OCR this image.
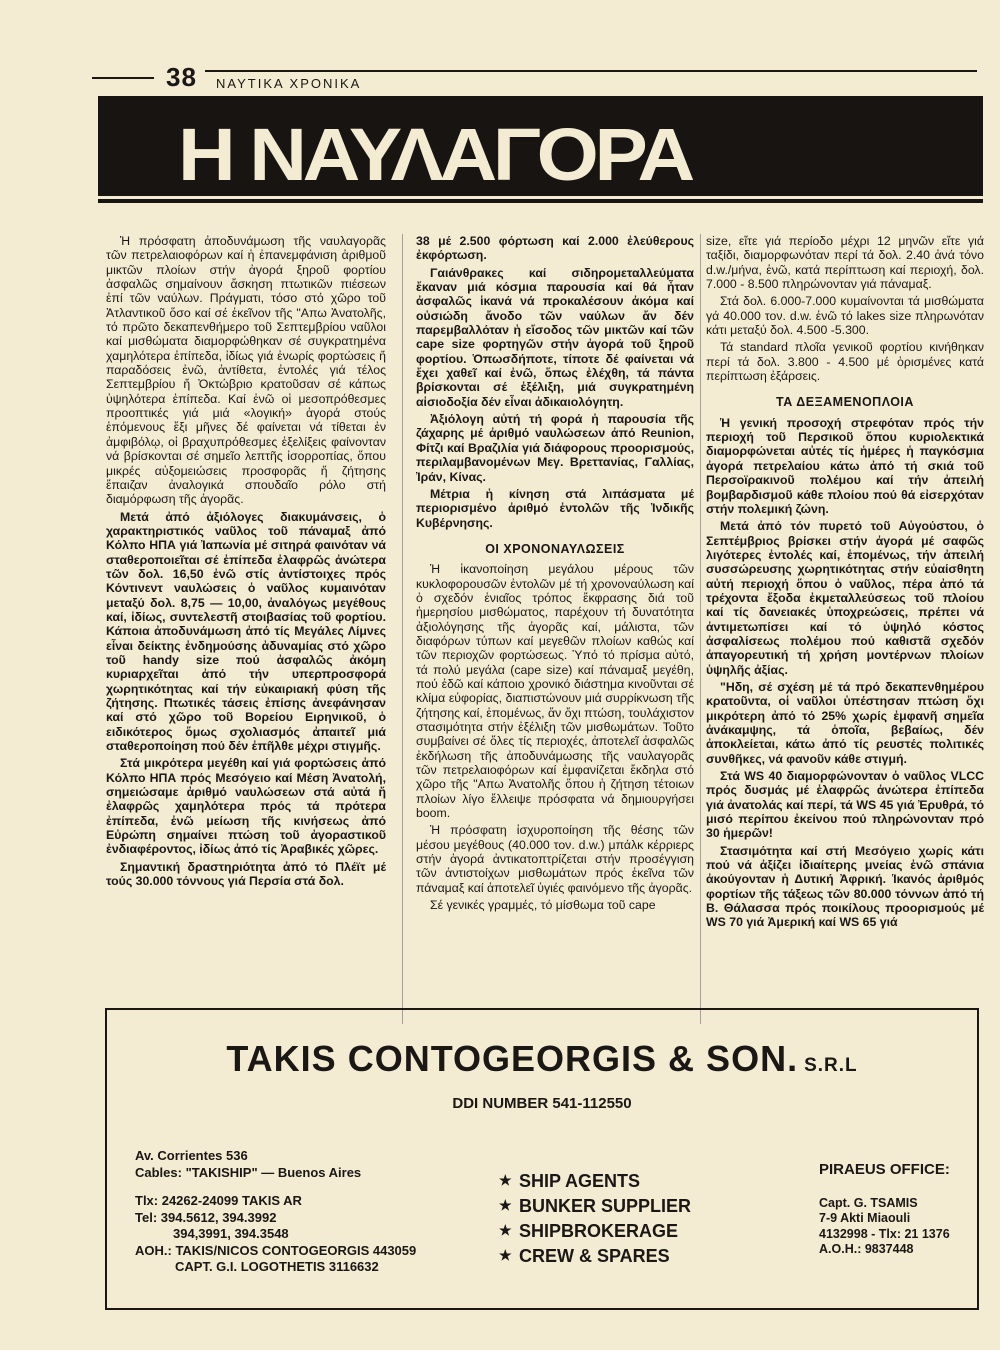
38 ΝΑΥΤΙΚΑ ΧΡΟΝΙΚΑ
Η ΝΑΥΛΑΓΟΡΑ

Ἡ πρόσφατη ἀποδυνάμωση τῆς ναυλαγορᾶς τῶν πετρελαιοφόρων καί ἡ ἐπανεμφάνιση ἀριθμοῦ μικτῶν πλοίων στήν ἀγορά ξηροῦ φορτίου ἀσφαλῶς σημαίνουν ἄσκηση πτωτικῶν πιέσεων ἐπί τῶν ναύλων. Πράγματι, τόσο στό χῶρο τοῦ Ἀτλαντικοῦ ὅσο καί σέ ἐκεῖνον τῆς "Απω Ἀνατολῆς, τό πρῶτο δεκαπενθήμερο τοῦ Σεπτεμβρίου ναῦλοι καί μισθώματα διαμορφώθηκαν σέ συγκρατημένα χαμηλότερα ἐπίπεδα, ἰδίως γιά ἐνωρίς φορτώσεις ἤ παραδόσεις ἐνῶ, ἀντίθετα, ἐντολές γιά τέλος Σεπτεμβρίου ἤ Ὀκτώβριο κρατοῦσαν σέ κάπως ὑψηλότερα ἐπίπεδα. Καί ἐνῶ οἱ μεσοπρόθεσμες προοπτικές γιά μιά «λογική» ἀγορά στούς ἑπόμενους ἕξι μῆνες δέ φαίνεται νά τίθεται ἐν ἀμφιβόλῳ, οἱ βραχυπρόθεσμες ἐξελίξεις φαίνονταν νά βρίσκονται σέ σημεῖο λεπτῆς ἰσορροπίας, ὅπου μικρές αὐξομειώσεις προσφορᾶς ἤ ζήτησης ἔπαιζαν ἀναλογικά σπουδαῖο ρόλο στή διαμόρφωση τῆς ἀγορᾶς.

Μετά ἀπό ἀξιόλογες διακυμάνσεις, ὁ χαρακτηριστικός ναῦλος τοῦ πάναμαξ ἀπό Κόλπο ΗΠΑ γιά Ἰαπωνία μέ σιτηρά φαινόταν νά σταθεροποιεῖται σέ ἐπίπεδα ἐλαφρῶς ἀνώτερα τῶν δολ. 16,50 ἐνῶ στίς ἀντίστοιχες πρός Κόντινεντ ναυλώσεις ὁ ναῦλος κυμαινόταν μεταξύ δολ. 8,75 — 10,00, ἀναλόγως μεγέθους καί, ἰδίως, συντελεστῆ στοιβασίας τοῦ φορτίου. Κάποια ἀποδυνάμωση ἀπό τίς Μεγάλες Λίμνες εἶναι δείκτης ἐνδημούσης ἀδυναμίας στό χῶρο τοῦ handy size πού ἀσφαλῶς ἀκόμη κυριαρχεῖται ἀπό τήν υπερπροσφορά χωρητικότητας καί τήν εὐκαιριακή φύση τῆς ζήτησης. Πτωτικές τάσεις ἐπίσης ἀνεφάνησαν καί στό χῶρο τοῦ Βορείου Ειρηνικοῦ, ὁ ειδικότερος ὅμως σχολιασμός ἀπαιτεῖ μιά σταθεροποίηση πού δέν ἐπῆλθε μέχρι στιγμῆς.

Στά μικρότερα μεγέθη καί γιά φορτώσεις ἀπό Κόλπο ΗΠΑ πρός Μεσόγειο καί Μέση Ἀνατολή, σημειώσαμε ἀριθμό ναυλώσεων στά αὐτά ἤ ἐλαφρῶς χαμηλότερα πρός τά πρότερα ἐπίπεδα, ἐνῶ μείωση τῆς κινήσεως ἀπό Εὐρώπη σημαίνει πτώση τοῦ ἀγοραστικοῦ ἐνδιαφέροντος, ἰδίως ἀπό τίς Ἀραβικές χῶρες.

Σημαντική δραστηριότητα ἀπό τό Πλέϊτ μέ τούς 30.000 τόννους γιά Περσία στά δολ.

38 μέ 2.500 φόρτωση καί 2.000 ἐλεύθερους ἐκφόρτωση.

Γαιάνθρακες καί σιδηρομεταλλεύματα ἔκαναν μιά κόσμια παρουσία καί θά ἦταν ἀσφαλῶς ἱκανά νά προκαλέσουν ἀκόμα καί οὐσιώδη ἄνοδο τῶν ναύλων ἄν δέν παρεμβαλλόταν ἡ εἴσοδος τῶν μικτῶν καί τῶν cape size φορτηγῶν στήν ἀγορά τοῦ ξηροῦ φορτίου. Ὁπωσδήποτε, τίποτε δέ φαίνεται νά ἔχει χαθεῖ καί ἐνῶ, ὅπως ἐλέχθη, τά πάντα βρίσκονται σέ ἐξέλιξη, μιά συγκρατημένη αἰσιοδοξία δέν εἶναι ἀδικαιολόγητη.

Ἀξιόλογη αὐτή τή φορά ἡ παρουσία τῆς ζάχαρης μέ ἀριθμό ναυλώσεων ἀπό Reunion, Φίτζι καί Βραζιλία γιά διάφορους προορισμούς, περιλαμβανομένων Μεγ. Βρεττανίας, Γαλλίας, Ἰράν, Κίνας.

Μέτρια ἡ κίνηση στά λιπάσματα μέ περιορισμένο ἀριθμό ἐντολῶν τῆς Ἰνδικῆς Κυβέρνησης.

ΟΙ ΧΡΟΝΟΝΑΥΛΩΣΕΙΣ

Ἡ ἱκανοποίηση μεγάλου μέρους τῶν κυκλοφορουσῶν ἐντολῶν μέ τή χρονοναύλωση καί ὁ σχεδόν ἑνιαῖος τρόπος ἔκφρασης διά τοῦ ἡμερησίου μισθώματος, παρέχουν τή δυνατότητα ἀξιολόγησης τῆς ἀγορᾶς καί, μάλιστα, τῶν διαφόρων τύπων καί μεγεθῶν πλοίων καθώς καί τῶν περιοχῶν φορτώσεως. Ὑπό τό πρίσμα αὐτό, τά πολύ μεγάλα (cape size) καί πάναμαξ μεγέθη, πού ἐδῶ καί κάποιο χρονικό διάστημα κινοῦνται σέ κλίμα εὐφορίας, διαπιστώνουν μιά συρρίκνωση τῆς ζήτησης καί, ἑπομένως, ἄν ὄχι πτώση, τουλάχιστον στασιμότητα στήν ἐξέλιξη τῶν μισθωμάτων. Τοῦτο συμβαίνει σέ ὅλες τίς περιοχές, ἀποτελεῖ ἀσφαλῶς ἐκδήλωση τῆς ἀποδυνάμωσης τῆς ναυλαγορᾶς τῶν πετρελαιοφόρων καί ἐμφανίζεται ἔκδηλα στό χῶρο τῆς "Απω Ἀνατολῆς ὅπου ἡ ζήτηση τέτοιων πλοίων λίγο ἔλλειψε πρόσφατα νά δημιουργήσει boom.

Ἡ πρόσφατη ἰσχυροποίηση τῆς θέσης τῶν μέσου μεγέθους (40.000 τον. d.w.) μπάλκ κέρριερς στήν ἀγορά ἀντικατοπτρίζεται στήν προσέγγιση τῶν ἀντιστοίχων μισθωμάτων πρός ἐκεῖνα τῶν πάναμαξ καί ἀποτελεῖ ὑγιές φαινόμενο τῆς ἀγορᾶς.

Σέ γενικές γραμμές, τό μίσθωμα τοῦ cape

size, εἴτε γιά περίοδο μέχρι 12 μηνῶν εἴτε γιά ταξίδι, διαμορφωνόταν περί τά δολ. 2.40 ἀνά τόνο d.w./μήνα, ἐνῶ, κατά περίπτωση καί περιοχή, δολ. 7.000 - 8.500 πληρώνονταν γιά πάναμαξ.

Στά δολ. 6.000-7.000 κυμαίνονται τά μισθώματα γά 40.000 τον. d.w. ἐνῶ τό lakes size πληρωνόταν κάτι μεταξύ δολ. 4.500 -5.300.

Τά standard πλοῖα γενικοῦ φορτίου κινήθηκαν περί τά δολ. 3.800 - 4.500 μέ ὁρισμένες κατά περίπτωση ἐξάρσεις.

ΤΑ ΔΕΞΑΜΕΝΟΠΛΟΙΑ

Ἡ γενική προσοχή στρεφόταν πρός τήν περιοχή τοῦ Περσικοῦ ὅπου κυριολεκτικά διαμορφώνεται αὐτές τίς ἡμέρες ἡ παγκόσμια ἀγορά πετρελαίου κάτω ἀπό τή σκιά τοῦ Περσοϊρακινοῦ πολέμου καί τήν ἀπειλή βομβαρδισμοῦ κάθε πλοίου πού θά εἰσερχόταν στήν πολεμική ζώνη.

Μετά ἀπό τόν πυρετό τοῦ Αὐγούστου, ὁ Σεπτέμβριος βρίσκει στήν ἀγορά μέ σαφῶς λιγότερες ἐντολές καί, ἑπομένως, τήν ἀπειλή συσσώρευσης χωρητικότητας στήν εὐαίσθητη αὐτή περιοχή ὅπου ὁ ναῦλος, πέρα ἀπό τά τρέχοντα ἔξοδα ἐκμεταλλεύσεως τοῦ πλοίου καί τίς δανειακές ὑποχρεώσεις, πρέπει νά ἀντιμετωπίσει καί τό ὑψηλό κόστος ἀσφαλίσεως πολέμου πού καθιστᾶ σχεδόν ἀπαγορευτική τή χρήση μοντέρνων πλοίων ὑψηλῆς ἀξίας.

"Ηδη, σέ σχέση μέ τά πρό δεκαπενθημέρου κρατοῦντα, οἱ ναῦλοι ὑπέστησαν πτώση ὄχι μικρότερη ἀπό τό 25% χωρίς ἐμφανῆ σημεῖα ἀνάκαμψης, τά ὁποῖα, βεβαίως, δέν ἀποκλείεται, κάτω ἀπό τίς ρευστές πολιτικές συνθῆκες, νά φανοῦν κάθε στιγμή.

Στά WS 40 διαμορφώνονταν ὁ ναῦλος VLCC πρός δυσμάς μέ ἐλαφρῶς ἀνώτερα ἐπίπεδα γιά ἀνατολάς καί περί, τά WS 45 γιά Ἐρυθρά, τό μισό περίπου ἐκείνου πού πληρώνονταν πρό 30 ἡμερῶν!

Στασιμότητα καί στή Μεσόγειο χωρίς κάτι πού νά ἀξίζει ἰδιαίτερης μνείας ἐνῶ σπάνια ἀκούγονταν ἡ Δυτική Ἀφρική. Ἱκανός ἀριθμός φορτίων τῆς τάξεως τῶν 80.000 τόννων ἀπό τή Β. Θάλασσα πρός ποικίλους προορισμούς μέ WS 70 γιά Ἀμερική καί WS 65 γιά

TAKIS CONTOGEORGIS & SON. S.R.L
DDI NUMBER 541-112550
Av. Corrientes 536
Cables: "TAKISHIP" — Buenos Aires
Tlx: 24262-24099 TAKIS AR
Tel: 394.5612, 394.3992
394,3991, 394.3548
AOH.: TAKIS/NICOS CONTOGEORGIS 443059
CAPT. G.I. LOGOTHETIS 3116632
★ SHIP AGENTS
★ BUNKER SUPPLIER
★ SHIPBROKERAGE
★ CREW & SPARES
PIRAEUS OFFICE:
Capt. G. TSAMIS
7-9 Akti Miaouli
4132998 - Tlx: 21 1376
A.O.H.: 9837448
